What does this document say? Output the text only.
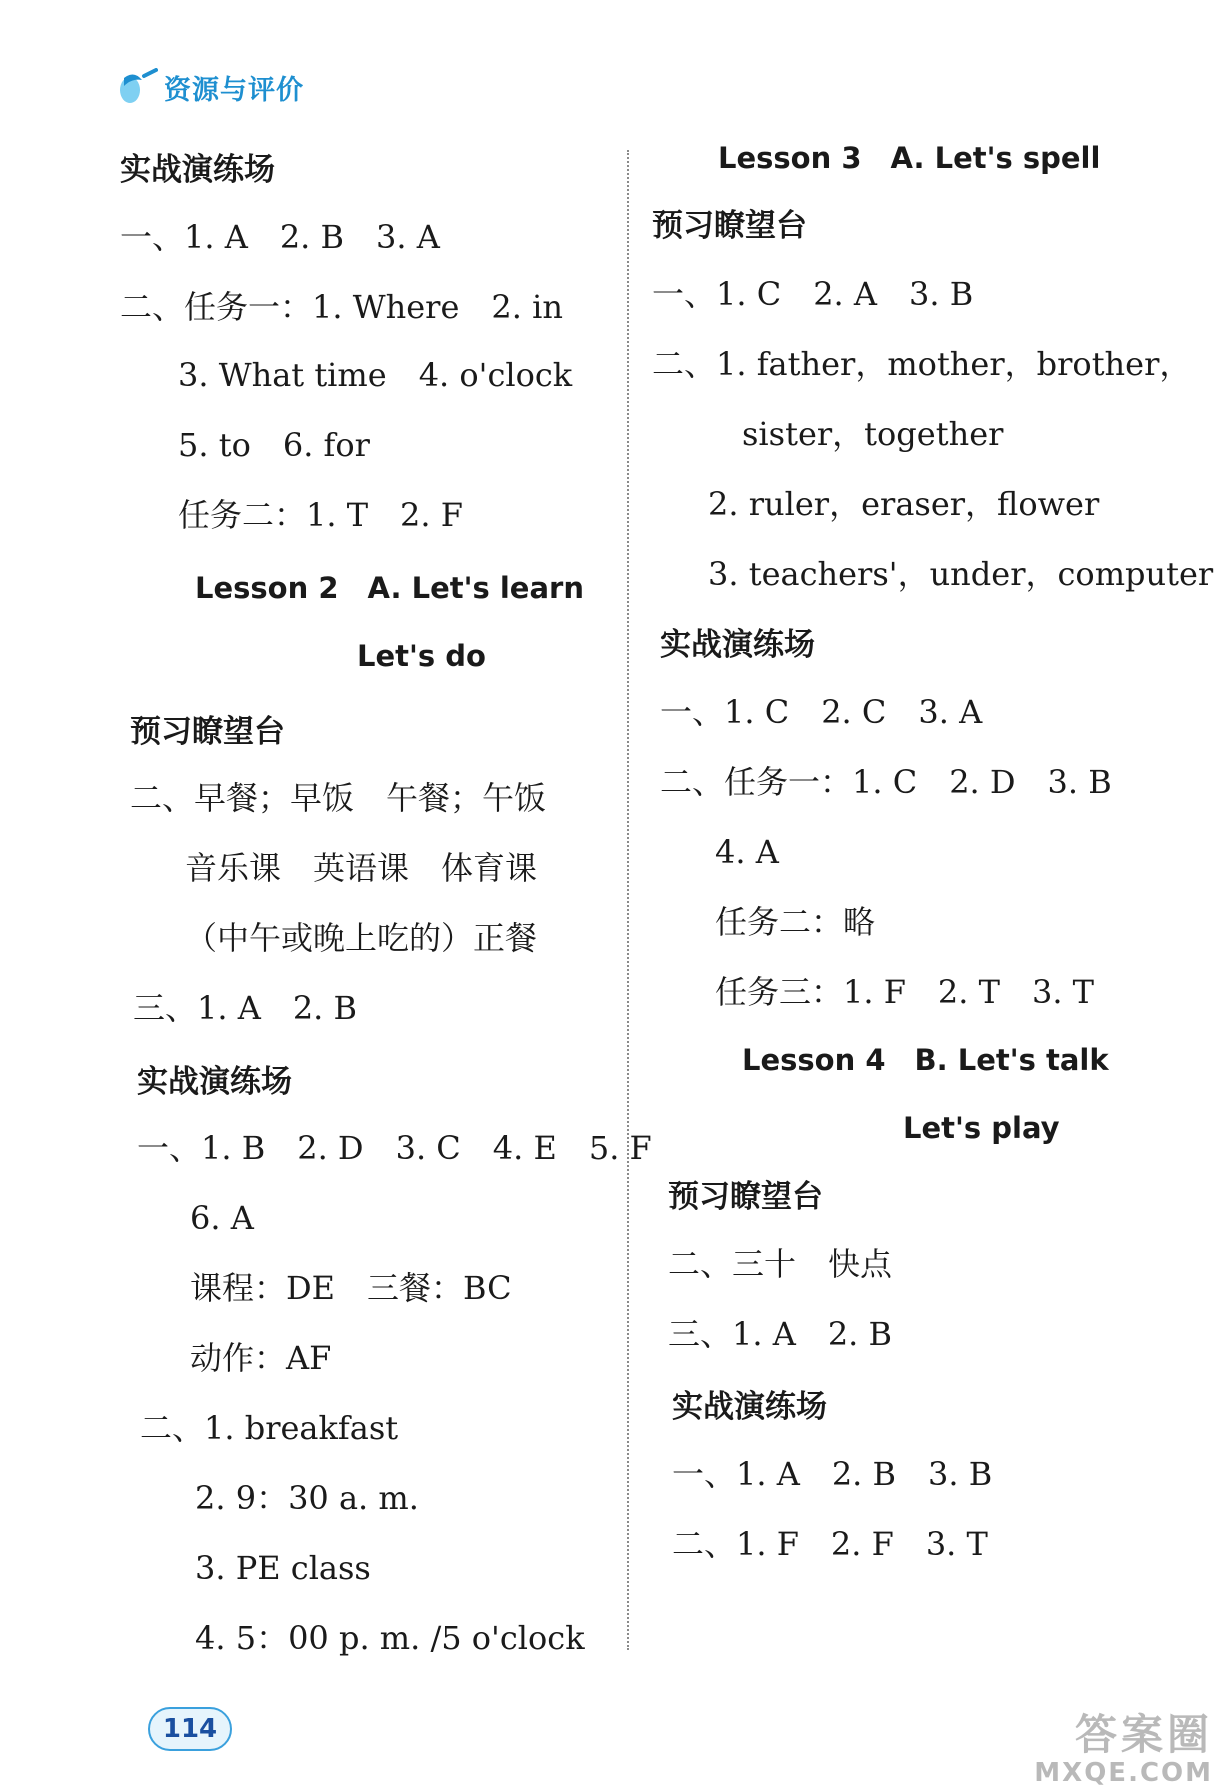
资源与评价
实战演练场
一、1. A　2. B　3. A
二、任务一：1. Where　2. in
3. What time　4. o'clock
5. to　6. for
任务二：1. T　2. F
Lesson 2　A. Let's learn
Let's do
预习瞭望台
二、早餐；早饭　午餐；午饭
音乐课　英语课　体育课
（中午或晚上吃的）正餐
三、1. A　2. B
实战演练场
一、1. B　2. D　3. C　4. E　5. F
6. A
课程：DE　三餐：BC
动作：AF
二、1. breakfast
2. 9：30 a. m.
3. PE class
4. 5：00 p. m. /5 o'clock
Lesson 3　A. Let's spell
预习瞭望台
一、1. C　2. A　3. B
二、1. father，mother，brother，
sister，together
2. ruler，eraser，flower
3. teachers'，under，computer
实战演练场
一、1. C　2. C　3. A
二、任务一：1. C　2. D　3. B
4. A
任务二：略
任务三：1. F　2. T　3. T
Lesson 4　B. Let's talk
Let's play
预习瞭望台
二、三十　快点
三、1. A　2. B
实战演练场
一、1. A　2. B　3. B
二、1. F　2. F　3. T
114	答案圈
MXQE.COM
